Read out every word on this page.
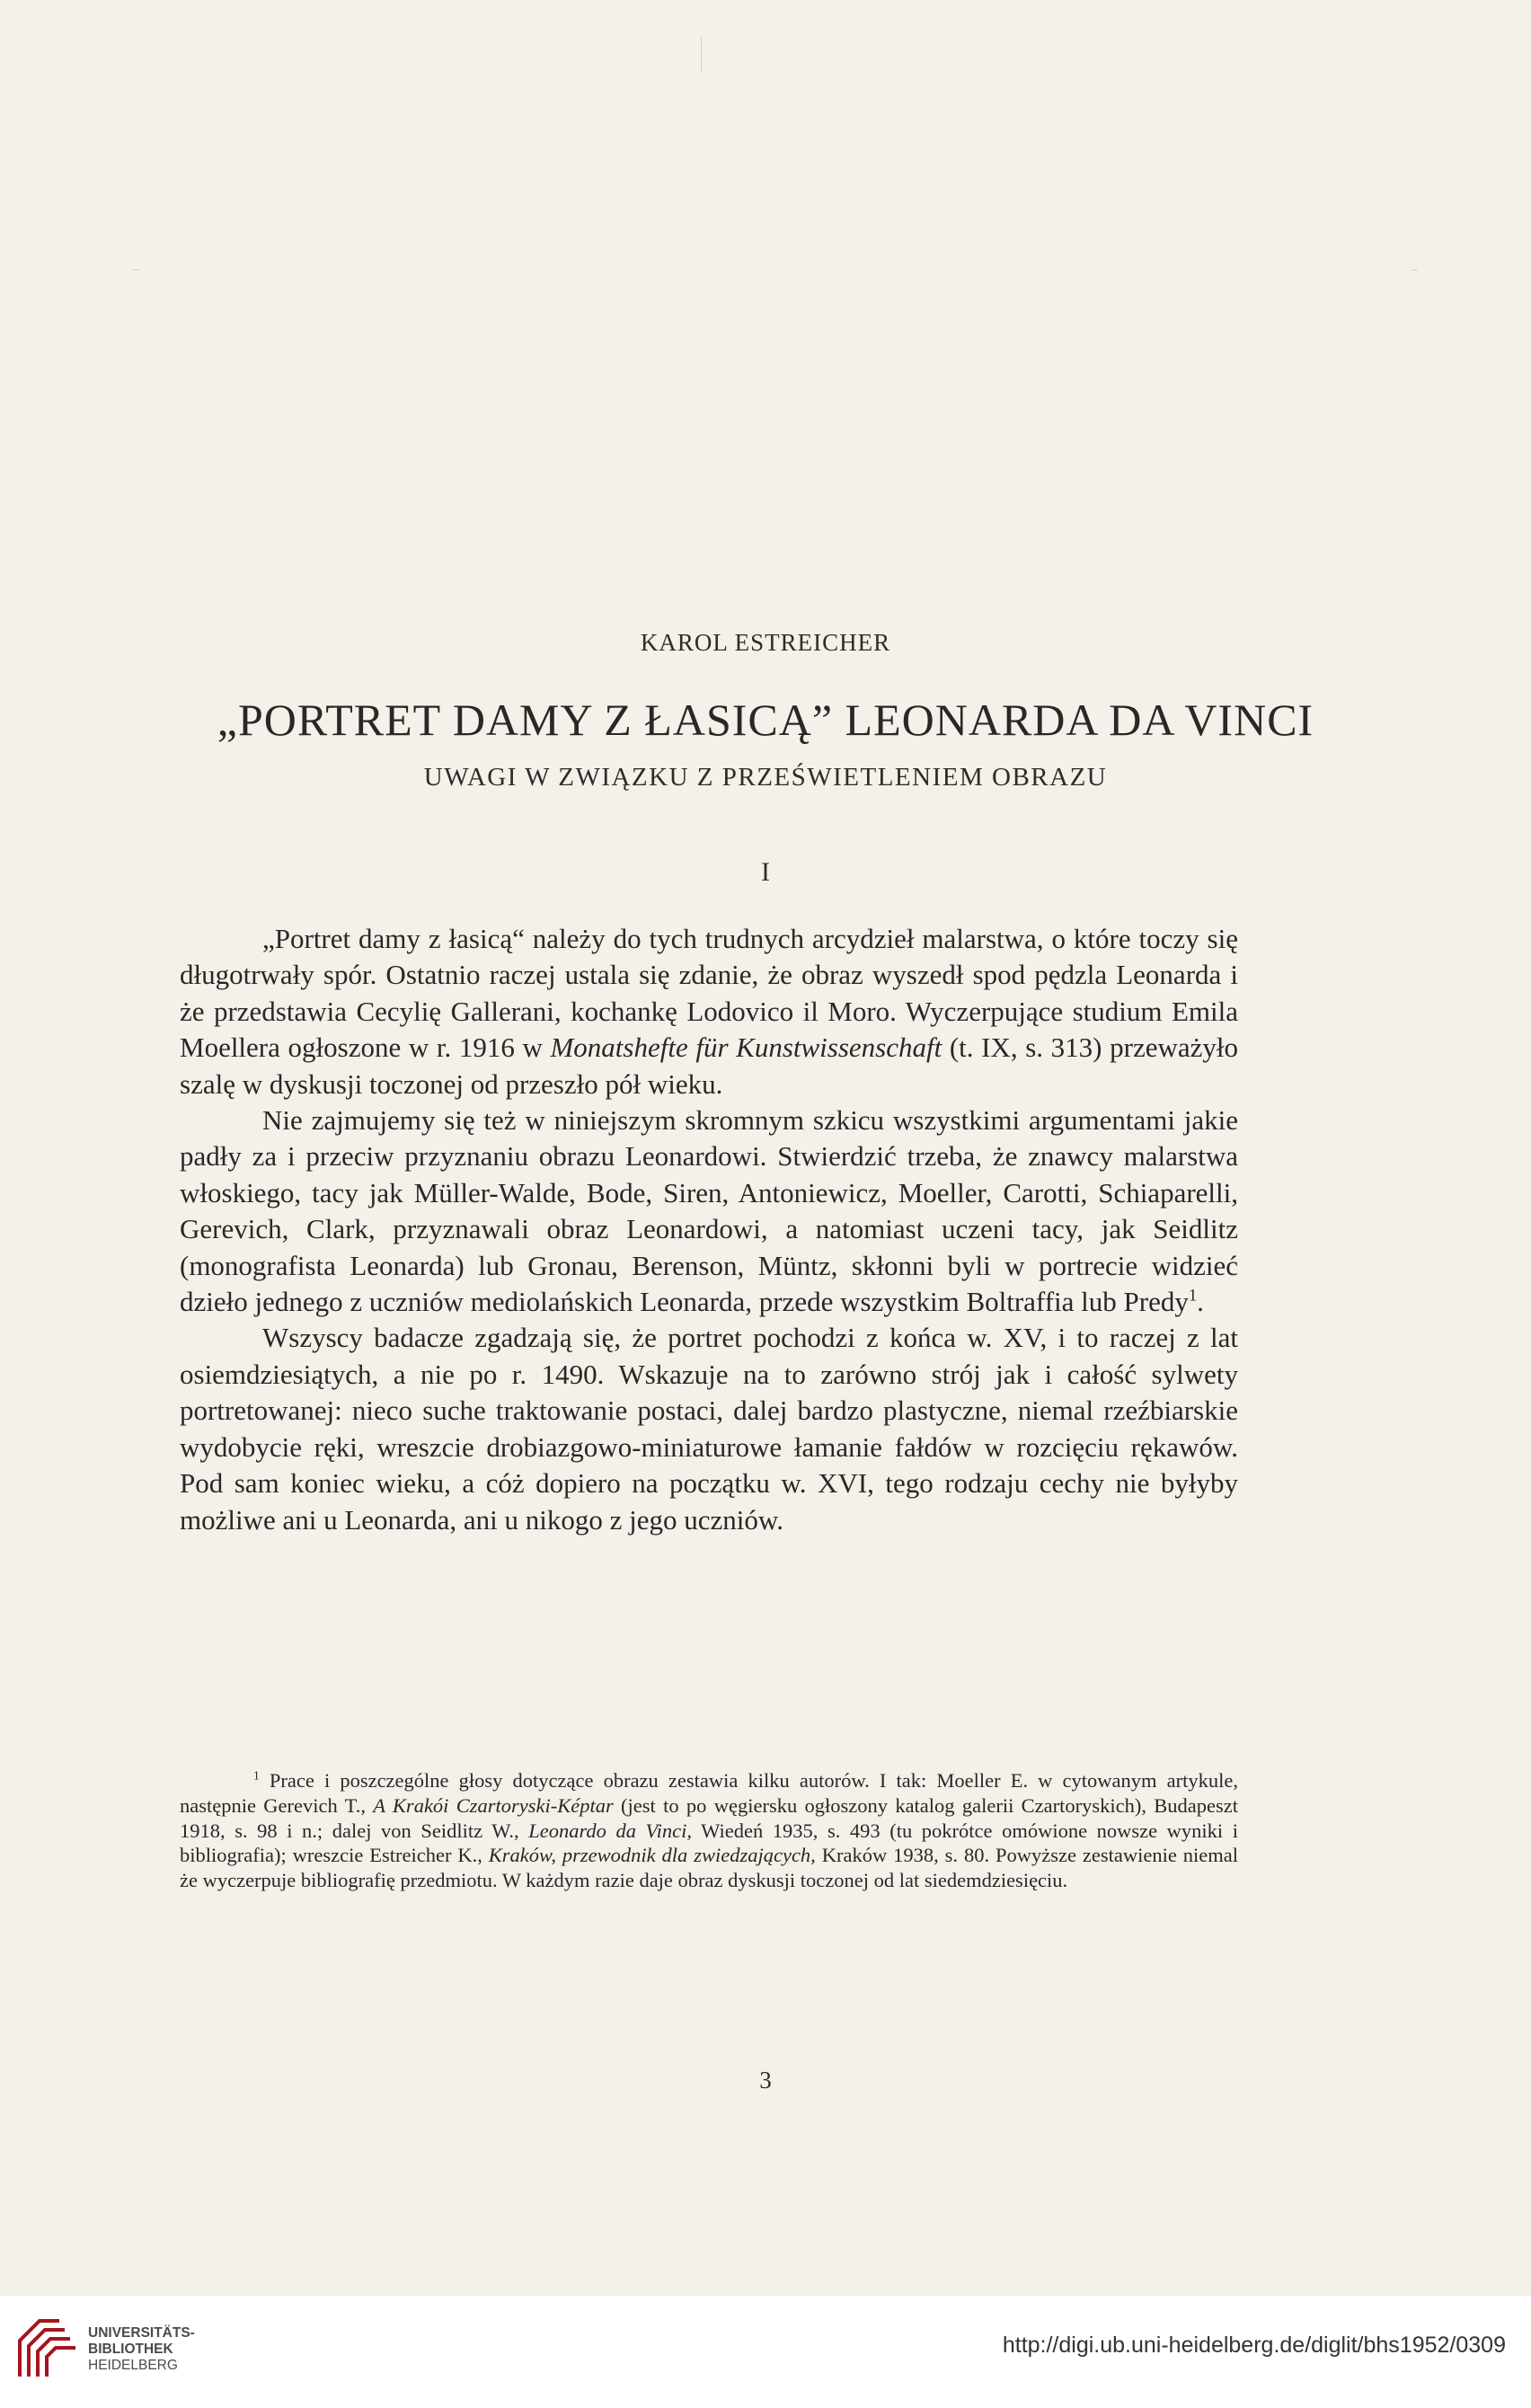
KAROL ESTREICHER
„PORTRET DAMY Z ŁASICĄ” LEONARDA DA VINCI
UWAGI W ZWIĄZKU Z PRZEŚWIETLENIEM OBRAZU
I

„Portret damy z łasicą“ należy do tych trudnych arcydzieł malarstwa, o które toczy się długotrwały spór. Ostatnio raczej ustala się zdanie, że obraz wyszedł spod pędzla Leonarda i że przedstawia Cecylię Gallerani, kochankę Lodovico il Moro. Wyczerpujące studium Emila Moellera ogłoszone w r. 1916 w Monatshefte für Kunstwissenschaft (t. IX, s. 313) przeważyło szalę w dyskusji toczonej od przeszło pół wieku.

Nie zajmujemy się też w niniejszym skromnym szkicu wszystkimi argumentami jakie padły za i przeciw przyznaniu obrazu Leonardowi. Stwierdzić trzeba, że znawcy malarstwa włoskiego, tacy jak Müller-Walde, Bode, Siren, Antoniewicz, Moeller, Carotti, Schiaparelli, Gerevich, Clark, przyznawali obraz Leonardowi, a natomiast uczeni tacy, jak Seidlitz (monografista Leonarda) lub Gronau, Berenson, Müntz, skłonni byli w portrecie widzieć dzieło jednego z uczniów mediolańskich Leonarda, przede wszystkim Boltraffia lub Predy$^1$.

Wszyscy badacze zgadzają się, że portret pochodzi z końca w. XV, i to raczej z lat osiemdziesiątych, a nie po r. 1490. Wskazuje na to zarówno strój jak i całość sylwety portretowanej: nieco suche traktowanie postaci, dalej bardzo plastyczne, niemal rzeźbiarskie wydobycie ręki, wreszcie drobiazgowo-miniaturowe łamanie fałdów w rozcięciu rękawów. Pod sam koniec wieku, a cóż dopiero na początku w. XVI, tego rodzaju cechy nie byłyby możliwe ani u Leonarda, ani u nikogo z jego uczniów.

$^1$ Prace i poszczególne głosy dotyczące obrazu zestawia kilku autorów. I tak: Moeller E. w cytowanym artykule, następnie Gerevich T., A Krakói Czartoryski-Képtar (jest to po węgiersku ogłoszony katalog galerii Czartoryskich), Budapeszt 1918, s. 98 i n.; dalej von Seidlitz W., Leonardo da Vinci, Wiedeń 1935, s. 493 (tu pokrótce omówione nowsze wyniki i bibliografia); wreszcie Estreicher K., Kraków, przewodnik dla zwiedzających, Kraków 1938, s. 80. Powyższe zestawienie niemal że wyczerpuje bibliografię przedmiotu. W każdym razie daje obraz dyskusji toczonej od lat siedemdziesięciu.

3
UNIVERSITÄTS-
BIBLIOTHEK
HEIDELBERG
http://digi.ub.uni-heidelberg.de/diglit/bhs1952/0309
